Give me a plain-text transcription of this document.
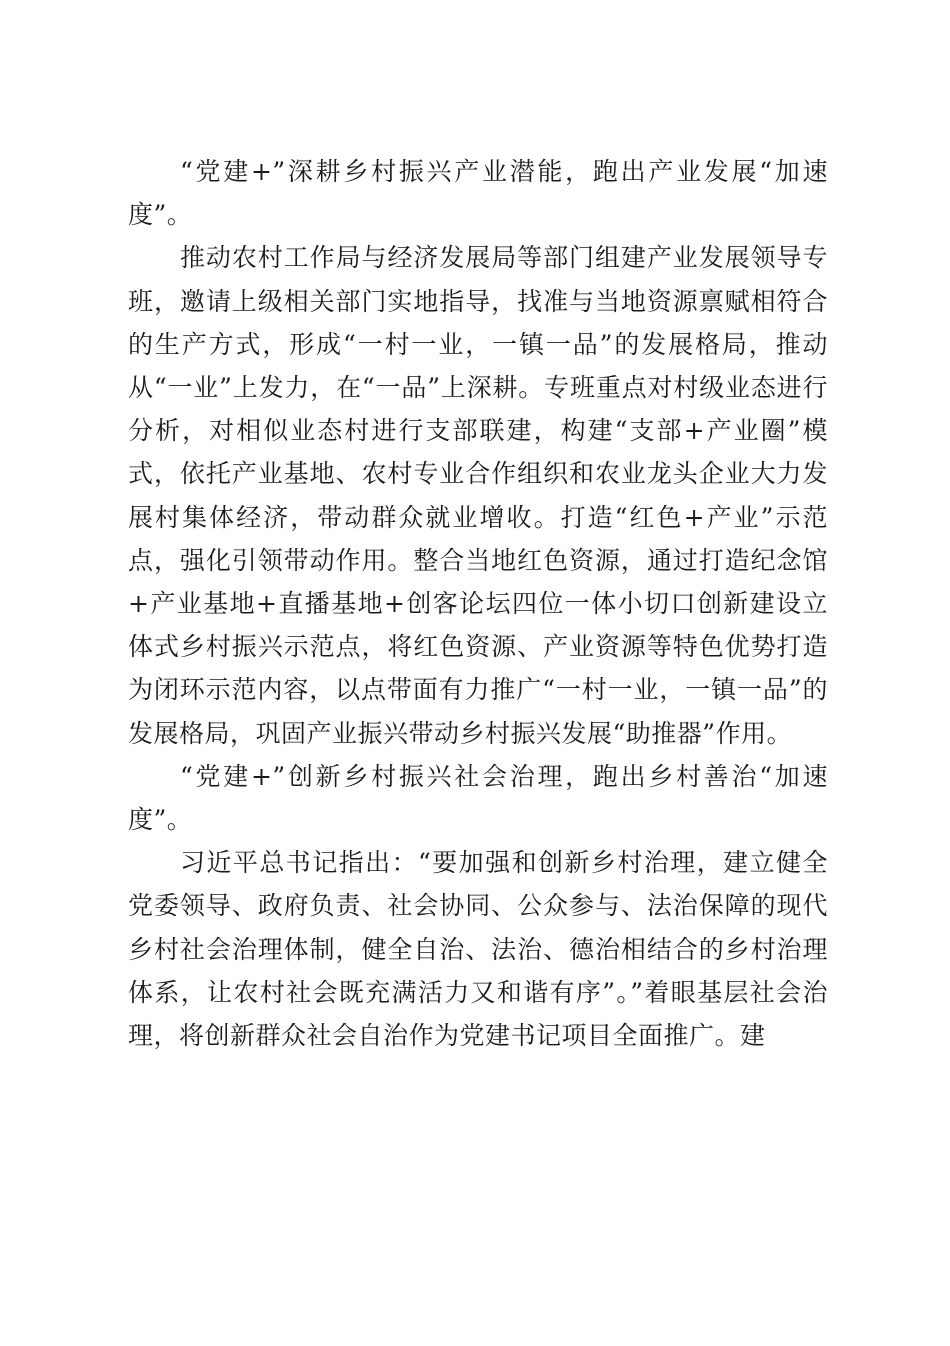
“党建+”深耕乡村振兴产业潜能，跑出产业发展“加速度”。

推动农村工作局与经济发展局等部门组建产业发展领导专班，邀请上级相关部门实地指导，找准与当地资源禀赋相符合的生产方式，形成“一村一业，一镇一品”的发展格局，推动从“一业”上发力，在“一品”上深耕。专班重点对村级业态进行分析，对相似业态村进行支部联建，构建“支部+产业圈”模式，依托产业基地、农村专业合作组织和农业龙头企业大力发展村集体经济，带动群众就业增收。打造“红色+产业”示范点，强化引领带动作用。整合当地红色资源，通过打造纪念馆+产业基地+直播基地+创客论坛四位一体小切口创新建设立体式乡村振兴示范点，将红色资源、产业资源等特色优势打造为闭环示范内容，以点带面有力推广“一村一业，一镇一品”的发展格局，巩固产业振兴带动乡村振兴发展“助推器”作用。

“党建+”创新乡村振兴社会治理，跑出乡村善治“加速度”。

习近平总书记指出：“要加强和创新乡村治理，建立健全党委领导、政府负责、社会协同、公众参与、法治保障的现代乡村社会治理体制，健全自治、法治、德治相结合的乡村治理体系，让农村社会既充满活力又和谐有序”。”着眼基层社会治理，将创新群众社会自治作为党建书记项目全面推广。建
